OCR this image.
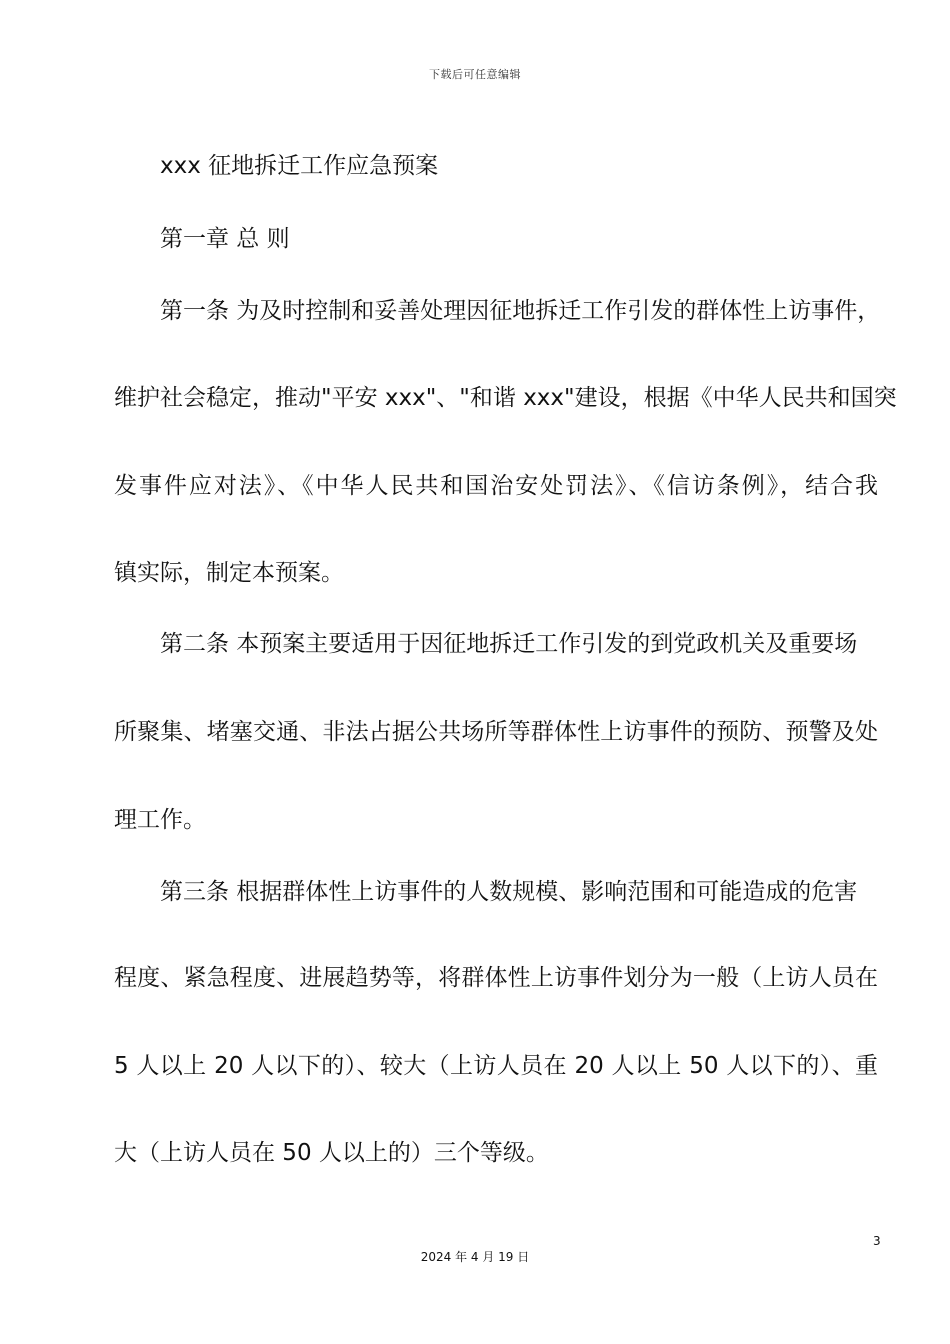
下载后可任意编辑
xxx 征地拆迁工作应急预案
第一章 总 则
第一条 为及时控制和妥善处理因征地拆迁工作引发的群体性上访事件，
维护社会稳定，推动"平安 xxx"、"和谐 xxx"建设，根据《中华人民共和国突
发事件应对法》、《中华人民共和国治安处罚法》、《信访条例》，结合我
镇实际，制定本预案。
第二条 本预案主要适用于因征地拆迁工作引发的到党政机关及重要场
所聚集、堵塞交通、非法占据公共场所等群体性上访事件的预防、预警及处
理工作。
第三条 根据群体性上访事件的人数规模、影响范围和可能造成的危害
程度、紧急程度、进展趋势等，将群体性上访事件划分为一般（上访人员在
5 人以上 20 人以下的）、较大（上访人员在 20 人以上 50 人以下的）、重
大（上访人员在 50 人以上的）三个等级。
3
2024 年 4 月 19 日
